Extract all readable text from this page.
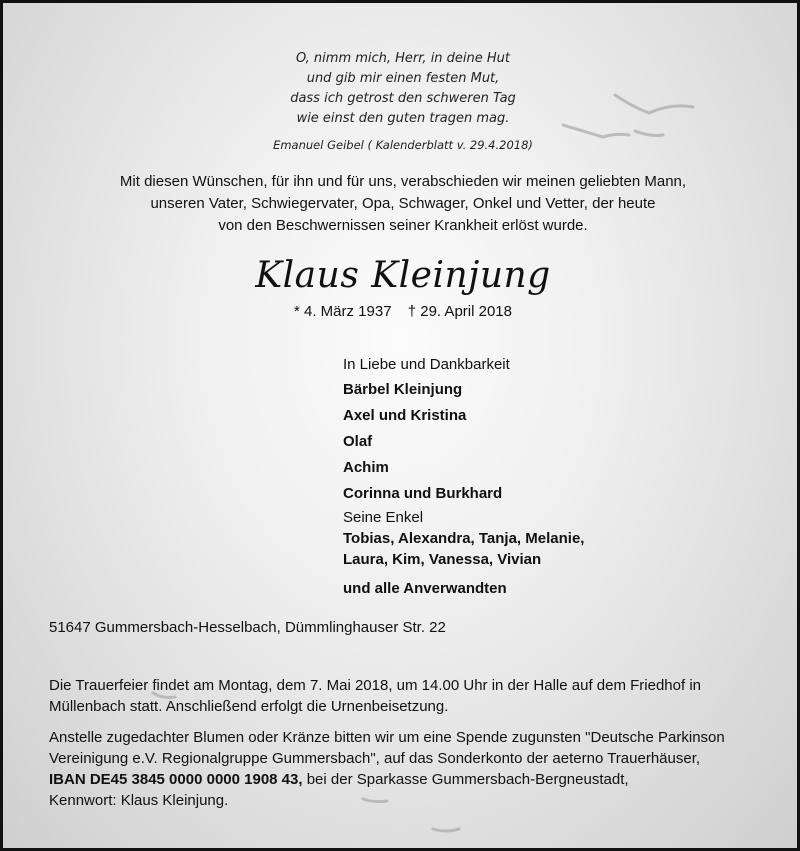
O, nimm mich, Herr, in deine Hut
und gib mir einen festen Mut,
dass ich getrost den schweren Tag
wie einst den guten tragen mag.
Emanuel Geibel ( Kalenderblatt v. 29.4.2018)
Mit diesen Wünschen, für ihn und für uns, verabschieden wir meinen geliebten Mann,
unseren Vater, Schwiegervater, Opa, Schwager, Onkel und Vetter, der heute
von den Beschwernissen seiner Krankheit erlöst wurde.
Klaus Kleinjung
* 4. März 1937 † 29. April 2018
In Liebe und Dankbarkeit
Bärbel Kleinjung
Axel und Kristina
Olaf
Achim
Corinna und Burkhard
Seine Enkel
Tobias, Alexandra, Tanja, Melanie,
Laura, Kim, Vanessa, Vivian
und alle Anverwandten
51647 Gummersbach-Hesselbach, Dümmlinghauser Str. 22
Die Trauerfeier findet am Montag, dem 7. Mai 2018, um 14.00 Uhr in der Halle auf dem Friedhof in
Müllenbach statt. Anschließend erfolgt die Urnenbeisetzung.
Anstelle zugedachter Blumen oder Kränze bitten wir um eine Spende zugunsten "Deutsche Parkinson
Vereinigung e.V. Regionalgruppe Gummersbach", auf das Sonderkonto der aeterno Trauerhäuser,
IBAN DE45 3845 0000 0000 1908 43, bei der Sparkasse Gummersbach-Bergneustadt,
Kennwort: Klaus Kleinjung.
